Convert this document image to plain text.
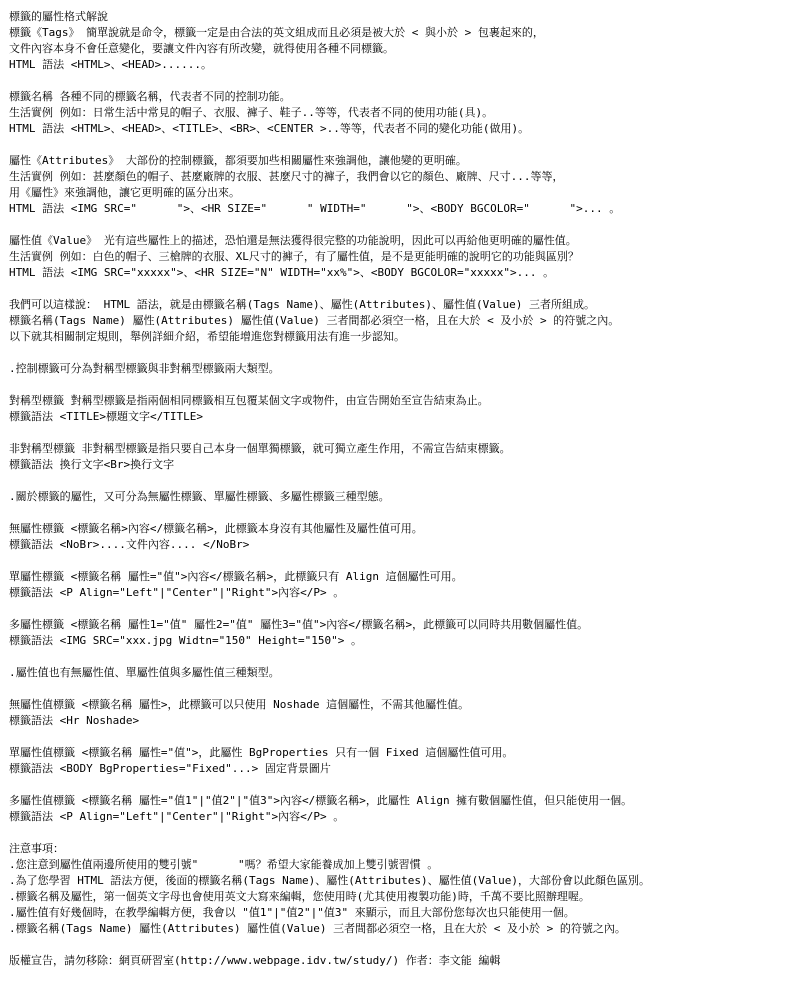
標籤的屬性格式解說
標籤《Tags》 簡單說就是命令，標籤一定是由合法的英文組成而且必須是被大於 < 與小於 > 包裹起來的，
文件內容本身不會任意變化，要讓文件內容有所改變，就得使用各種不同標籤。
HTML 語法 <HTML>、<HEAD>......。
標籤名稱 各種不同的標籤名稱，代表者不同的控制功能。
生活實例 例如：日常生活中常見的帽子、衣服、褲子、鞋子..等等，代表者不同的使用功能(具)。
HTML 語法 <HTML>、<HEAD>、<TITLE>、<BR>、<CENTER >..等等，代表者不同的變化功能(做用)。
屬性《Attributes》 大部份的控制標籤，都須要加些相關屬性來強調他，讓他變的更明確。
生活實例 例如：甚麼顏色的帽子、甚麼廠牌的衣服、甚麼尺寸的褲子，我們會以它的顏色、廠牌、尺寸...等等，
用《屬性》來強調他，讓它更明確的區分出來。
HTML 語法 <IMG SRC="      ">、<HR SIZE="      " WIDTH="      ">、<BODY BGCOLOR="      ">... 。
屬性值《Value》 光有這些屬性上的描述，恐怕還是無法獲得很完整的功能說明，因此可以再給他更明確的屬性值。
生活實例 例如：白色的帽子、三槍牌的衣服、XL尺寸的褲子，有了屬性值，是不是更能明確的說明它的功能與區別？
HTML 語法 <IMG SRC="xxxxx">、<HR SIZE="N" WIDTH="xx%">、<BODY BGCOLOR="xxxxx">... 。
我們可以這樣說： HTML 語法，就是由標籤名稱(Tags Name)、屬性(Attributes)、屬性值(Value) 三者所組成。
標籤名稱(Tags Name) 屬性(Attributes) 屬性值(Value) 三者間都必須空一格，且在大於 < 及小於 > 的符號之內。
以下就其相關制定規則，舉例詳細介紹，希望能增進您對標籤用法有進一步認知。
.控制標籤可分為對稱型標籤與非對稱型標籤兩大類型。
對稱型標籤 對稱型標籤是指兩個相同標籤相互包覆某個文字或物件，由宣告開始至宣告結束為止。
標籤語法 <TITLE>標題文字</TITLE>
非對稱型標籤 非對稱型標籤是指只要自己本身一個單獨標籤，就可獨立產生作用，不需宣告結束標籤。
標籤語法 換行文字<Br>換行文字
.關於標籤的屬性，又可分為無屬性標籤、單屬性標籤、多屬性標籤三種型態。
無屬性標籤 <標籤名稱>內容</標籤名稱>，此標籤本身沒有其他屬性及屬性值可用。
標籤語法 <NoBr>....文件內容.... </NoBr>
單屬性標籤 <標籤名稱 屬性="值">內容</標籤名稱>，此標籤只有 Align 這個屬性可用。
標籤語法 <P Align="Left"|"Center"|"Right">內容</P> 。
多屬性標籤 <標籤名稱 屬性1="值" 屬性2="值" 屬性3="值">內容</標籤名稱>，此標籤可以同時共用數個屬性值。
標籤語法 <IMG SRC="xxx.jpg Widtn="150" Height="150"> 。
.屬性值也有無屬性值、單屬性值與多屬性值三種類型。
無屬性值標籤 <標籤名稱 屬性>，此標籤可以只使用 Noshade 這個屬性，不需其他屬性值。
標籤語法 <Hr Noshade>
單屬性值標籤 <標籤名稱 屬性="值">，此屬性 BgProperties 只有一個 Fixed 這個屬性值可用。
標籤語法 <BODY BgProperties="Fixed"...> 固定背景圖片
多屬性值標籤 <標籤名稱 屬性="值1"|"值2"|"值3">內容</標籤名稱>，此屬性 Align 擁有數個屬性值，但只能使用一個。
標籤語法 <P Align="Left"|"Center"|"Right">內容</P> 。
注意事項：
.您注意到屬性值兩邊所使用的雙引號"      "嗎？希望大家能養成加上雙引號習慣 。
.為了您學習 HTML 語法方便，後面的標籤名稱(Tags Name)、屬性(Attributes)、屬性值(Value)，大部份會以此顏色區別。
.標籤名稱及屬性，第一個英文字母也會使用英文大寫來編輯，您使用時(尤其使用複製功能)時，千萬不要比照辦理喔。
.屬性值有好幾個時，在教學編輯方便，我會以 "值1"|"值2"|"值3" 來顯示，而且大部份您每次也只能使用一個。
.標籤名稱(Tags Name) 屬性(Attributes) 屬性值(Value) 三者間都必須空一格，且在大於 < 及小於 > 的符號之內。
版權宣告，請勿移除：網頁研習室(http://www.webpage.idv.tw/study/) 作者：李文能 編輯
